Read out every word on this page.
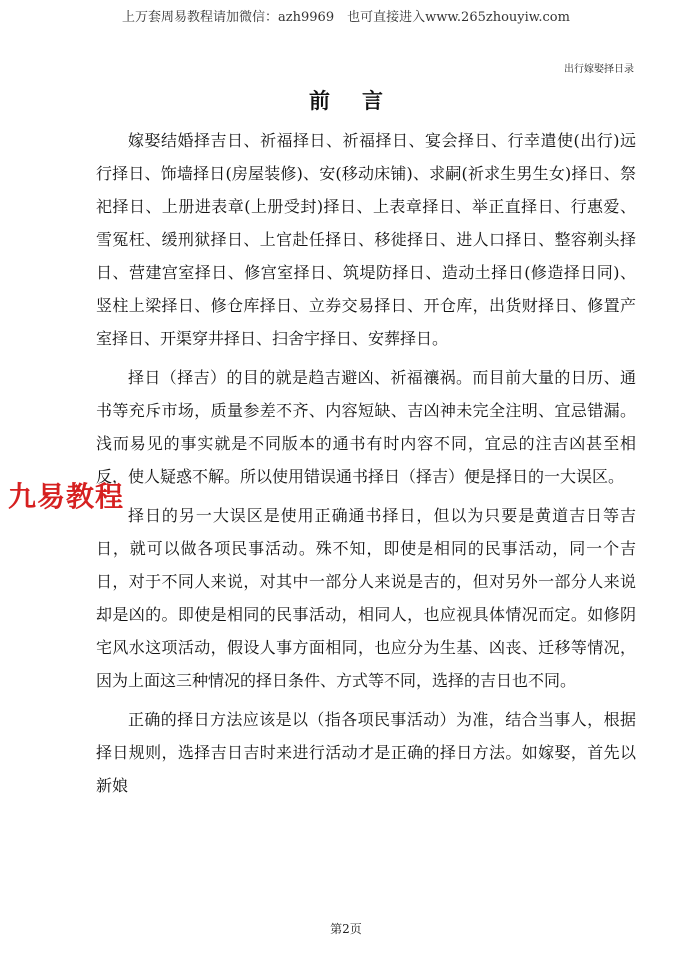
上万套周易教程请加微信：azh9969　也可直接进入www.265zhouyiw.com
出行嫁娶择日录
前言

嫁娶结婚择吉日、祈福择日、祈福择日、宴会择日、行幸遣使(出行)远行择日、饰墙择日(房屋装修)、安(移动床铺)、求嗣(祈求生男生女)择日、祭祀择日、上册进表章(上册受封)择日、上表章择日、举正直择日、行惠爱、雪冤枉、缓刑狱择日、上官赴任择日、移徙择日、进人口择日、整容剃头择日、营建宫室择日、修宫室择日、筑堤防择日、造动土择日(修造择日同)、竖柱上梁择日、修仓库择日、立券交易择日、开仓库，出货财择日、修置产室择日、开渠穿井择日、扫舍宇择日、安葬择日。

择日（择吉）的目的就是趋吉避凶、祈福禳祸。而目前大量的日历、通书等充斥市场，质量参差不齐、内容短缺、吉凶神未完全注明、宜忌错漏。浅而易见的事实就是不同版本的通书有时内容不同，宜忌的注吉凶甚至相反，使人疑惑不解。所以使用错误通书择日（择吉）便是择日的一大误区。

择日的另一大误区是使用正确通书择日，但以为只要是黄道吉日等吉日，就可以做各项民事活动。殊不知，即使是相同的民事活动，同一个吉日，对于不同人来说，对其中一部分人来说是吉的，但对另外一部分人来说却是凶的。即使是相同的民事活动，相同人，也应视具体情况而定。如修阴宅风水这项活动，假设人事方面相同，也应分为生基、凶丧、迁移等情况，因为上面这三种情况的择日条件、方式等不同，选择的吉日也不同。

正确的择日方法应该是以（指各项民事活动）为准，结合当事人，根据择日规则，选择吉日吉时来进行活动才是正确的择日方法。如嫁娶，首先以新娘

九易教程
第2页
